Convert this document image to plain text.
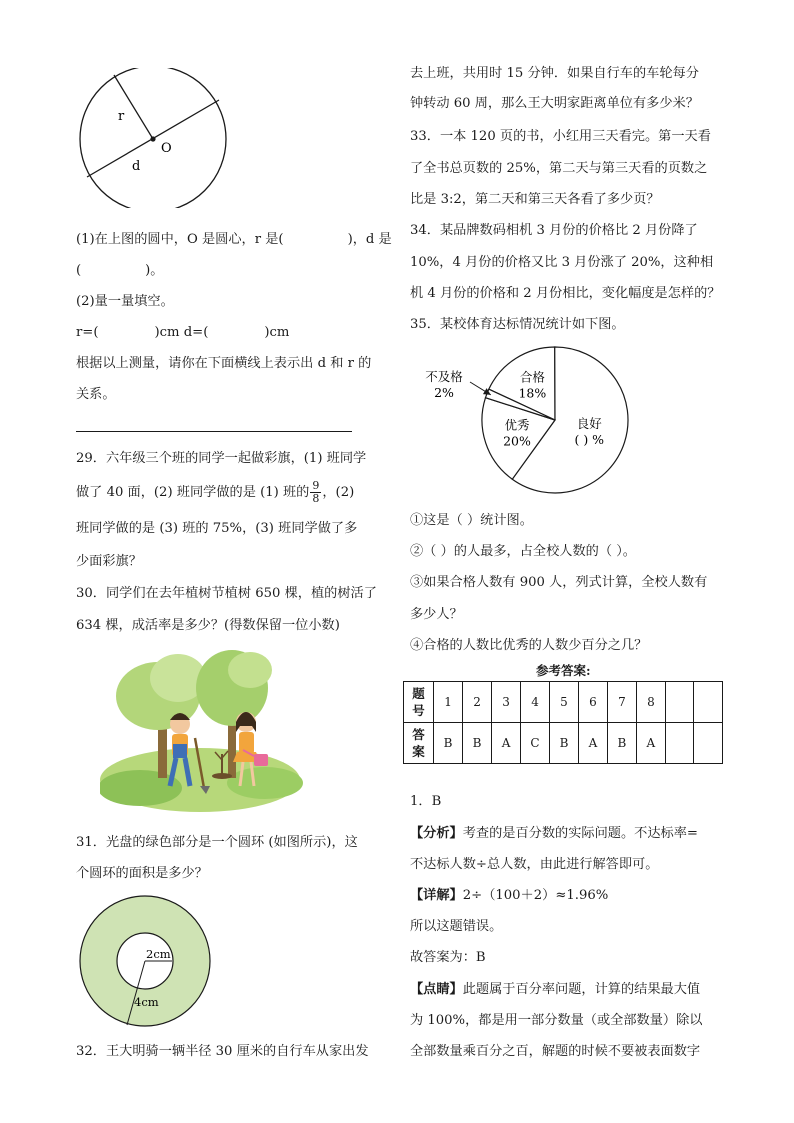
r
O
d

(1)在上图的圆中，O 是圆心，r 是(	)，d 是

(	)。

(2)量一量填空。

r=(	)cm d=(	)cm

根据以上测量，请你在下面横线上表示出 d 和 r 的

关系。

29．六年级三个班的同学一起做彩旗，(1) 班同学

做了 40 面，(2) 班同学做的是 (1) 班的 $\frac{9}{8}$ ，(2)

班同学做的是 (3) 班的 75%，(3) 班同学做了多

少面彩旗？

30．同学们在去年植树节植树 650 棵，植的树活了

634 棵，成活率是多少？(得数保留一位小数)

31．光盘的绿色部分是一个圆环 (如图所示)，这

个圆环的面积是多少？

2cm
4cm

32．王大明骑一辆半径 30 厘米的自行车从家出发

去上班，共用时 15 分钟．如果自行车的车轮每分

钟转动 60 周，那么王大明家距离单位有多少米？

33．一本 120 页的书，小红用三天看完。第一天看

了全书总页数的 25%，第二天与第三天看的页数之

比是 3:2，第二天和第三天各看了多少页？

34．某品牌数码相机 3 月份的价格比 2 月份降了

10%，4 月份的价格又比 3 月份涨了 20%，这种相

机 4 月份的价格和 2 月份相比，变化幅度是怎样的？

35．某校体育达标情况统计如下图。

合格
18%
良好
( ) %
优秀
20%
不及格
2%

①这是（ ）统计图。

②（ ）的人最多，占全校人数的（ ）。

③如果合格人数有 900 人，列式计算，全校人数有

多少人？

④合格的人数比优秀的人数少百分之几？

参考答案:

题
号	1	2	3	4	5	6	7	8		
答
案	B	B	A	C	B	A	B	A		

1．B

【分析】考查的是百分数的实际问题。不达标率=

不达标人数÷总人数，由此进行解答即可。

【详解】2÷（100＋2）≈1.96%

所以这题错误。

故答案为：B

【点睛】此题属于百分率问题，计算的结果最大值

为 100%，都是用一部分数量（或全部数量）除以

全部数量乘百分之百，解题的时候不要被表面数字
